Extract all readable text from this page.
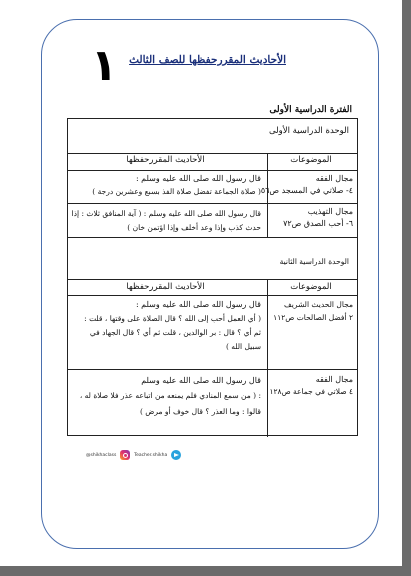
١	الأحاديث المقررحفظها للصف الثالث
الفترة الدراسية الأولى
الوحدة الدراسية الأولى
الموضوعات
الأحاديث المقررحفظها
مجال الفقه
٤- صلاتي في المسجد ص٥٦
قال رسول الله صلى الله عليه وسلم :
( صلاة الجماعة تفضل صلاة الفذ بسبع وعشرين درجة )
مجال التهذيب
٦- أحب الصدق ص٧٢
قال رسول الله صلى الله عليه وسلم : ( آية المنافق ثلاث : إذا
حدث كذب وإذا وعد أخلف وإذا اؤتمن خان )
الوحدة الدراسية الثانية
الموضوعات
الأحاديث المقررحفظها
مجال الحديث الشريف
٢ أفضل الصالحات ص١١٢
قال رسول الله صلى الله عليه وسلم :
( أي العمل أحب إلى الله ؟ قال الصلاة على وقتها ، قلت :
ثم أي ؟ قال : بر الوالدين ، قلت ثم أي ؟ قال الجهاد في
سبيل الله )
مجال الفقه
٤ صلاتي في جماعة ص١٢٨
قال رسول الله صلى الله عليه وسلم
: ( من سمع المنادي فلم يمنعه من اتباعه عذر فلا صلاة له ،
قالوا : وما العذر ؟ قال خوف أو مرض )
@shikhaclass	Teacher.shikha
